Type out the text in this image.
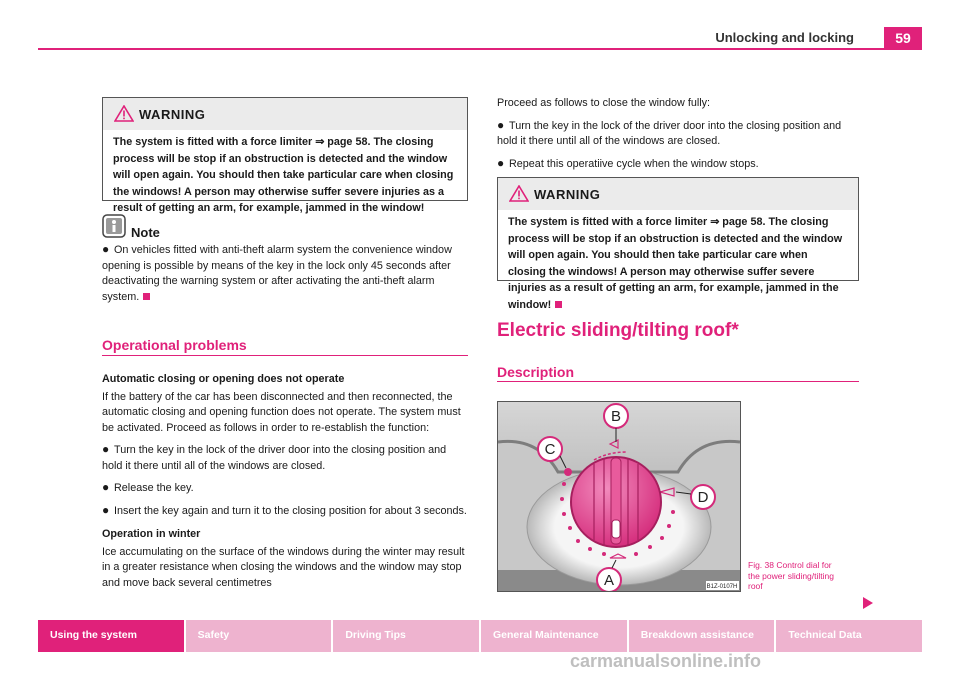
Unlocking and locking	59
WARNING
The system is fitted with a force limiter ⇒ page 58. The closing process will be stop if an obstruction is detected and the window will open again. You should then take particular care when closing the windows! A person may otherwise suffer severe injuries as a result of getting an arm, for example, jammed in the window!
Note
● On vehicles fitted with anti-theft alarm system the convenience window opening is possible by means of the key in the lock only 45 seconds after deactivating the warning system or after activating the anti-theft alarm system.
Operational problems
Automatic closing or opening does not operate
If the battery of the car has been disconnected and then reconnected, the automatic closing and opening function does not operate. The system must be activated. Proceed as follows in order to re-establish the function:
● Turn the key in the lock of the driver door into the closing position and hold it there until all of the windows are closed.
● Release the key.
● Insert the key again and turn it to the closing position for about 3 seconds.
Operation in winter
Ice accumulating on the surface of the windows during the winter may result in a greater resistance when closing the windows and the window may stop and move back several centimetres
Proceed as follows to close the window fully:
● Turn the key in the lock of the driver door into the closing position and hold it there until all of the windows are closed.
● Repeat this operatiive cycle when the window stops.
WARNING
The system is fitted with a force limiter ⇒ page 58. The closing process will be stop if an obstruction is detected and the window will open again. You should then take particular care when closing the windows! A person may otherwise suffer severe injuries as a result of getting an arm, for example, jammed in the window!
Electric sliding/tilting roof*
Description
B
C
D
A	B1Z-0107H
Fig. 38 Control dial for
the power sliding/tilting
roof
Using the system	Safety	Driving Tips	General Maintenance	Breakdown assistance	Technical Data
carmanualsonline.info
